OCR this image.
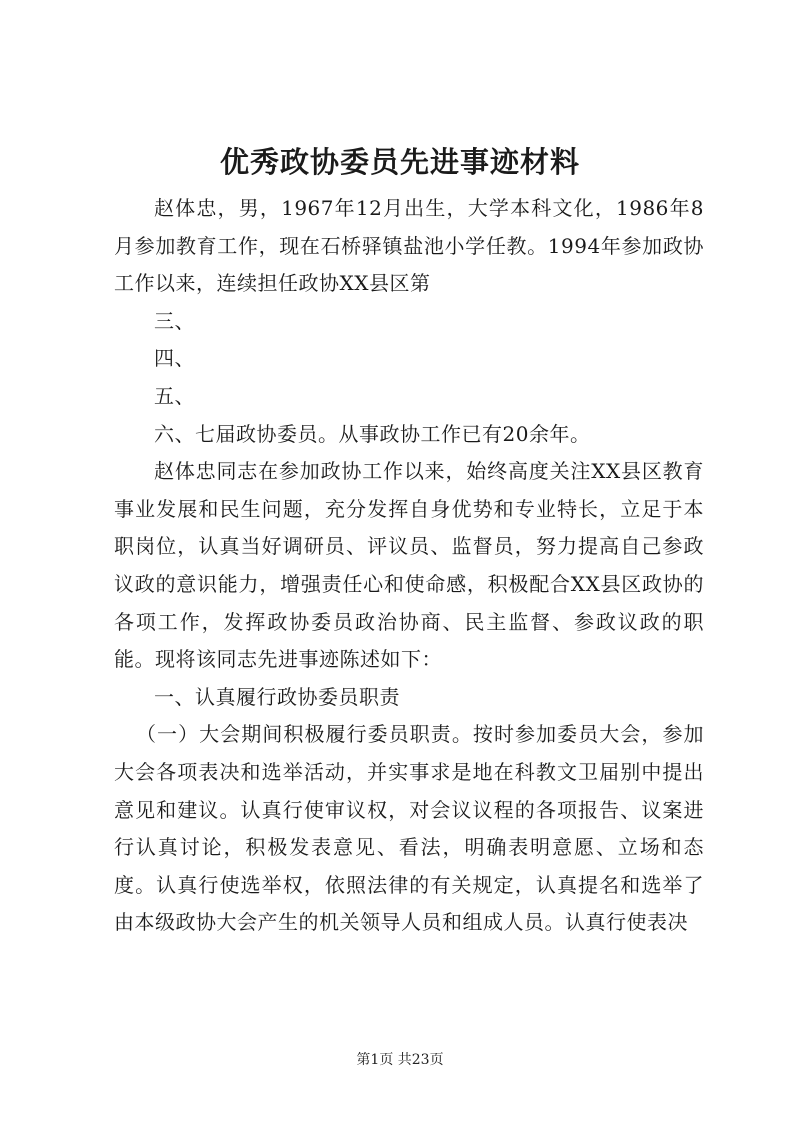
优秀政协委员先进事迹材料

赵体忠，男，1967年12月出生，大学本科文化，1986年8月参加教育工作，现在石桥驿镇盐池小学任教。1994年参加政协工作以来，连续担任政协XX县区第

三、

四、

五、

六、七届政协委员。从事政协工作已有20余年。

赵体忠同志在参加政协工作以来，始终高度关注XX县区教育事业发展和民生问题，充分发挥自身优势和专业特长，立足于本职岗位，认真当好调研员、评议员、监督员，努力提高自己参政议政的意识能力，增强责任心和使命感，积极配合XX县区政协的各项工作，发挥政协委员政治协商、民主监督、参政议政的职能。现将该同志先进事迹陈述如下：

一、认真履行政协委员职责

（一）大会期间积极履行委员职责。按时参加委员大会，参加大会各项表决和选举活动，并实事求是地在科教文卫届别中提出意见和建议。认真行使审议权，对会议议程的各项报告、议案进行认真讨论，积极发表意见、看法，明确表明意愿、立场和态度。认真行使选举权，依照法律的有关规定，认真提名和选举了由本级政协大会产生的机关领导人员和组成人员。认真行使表决

第1页 共23页
